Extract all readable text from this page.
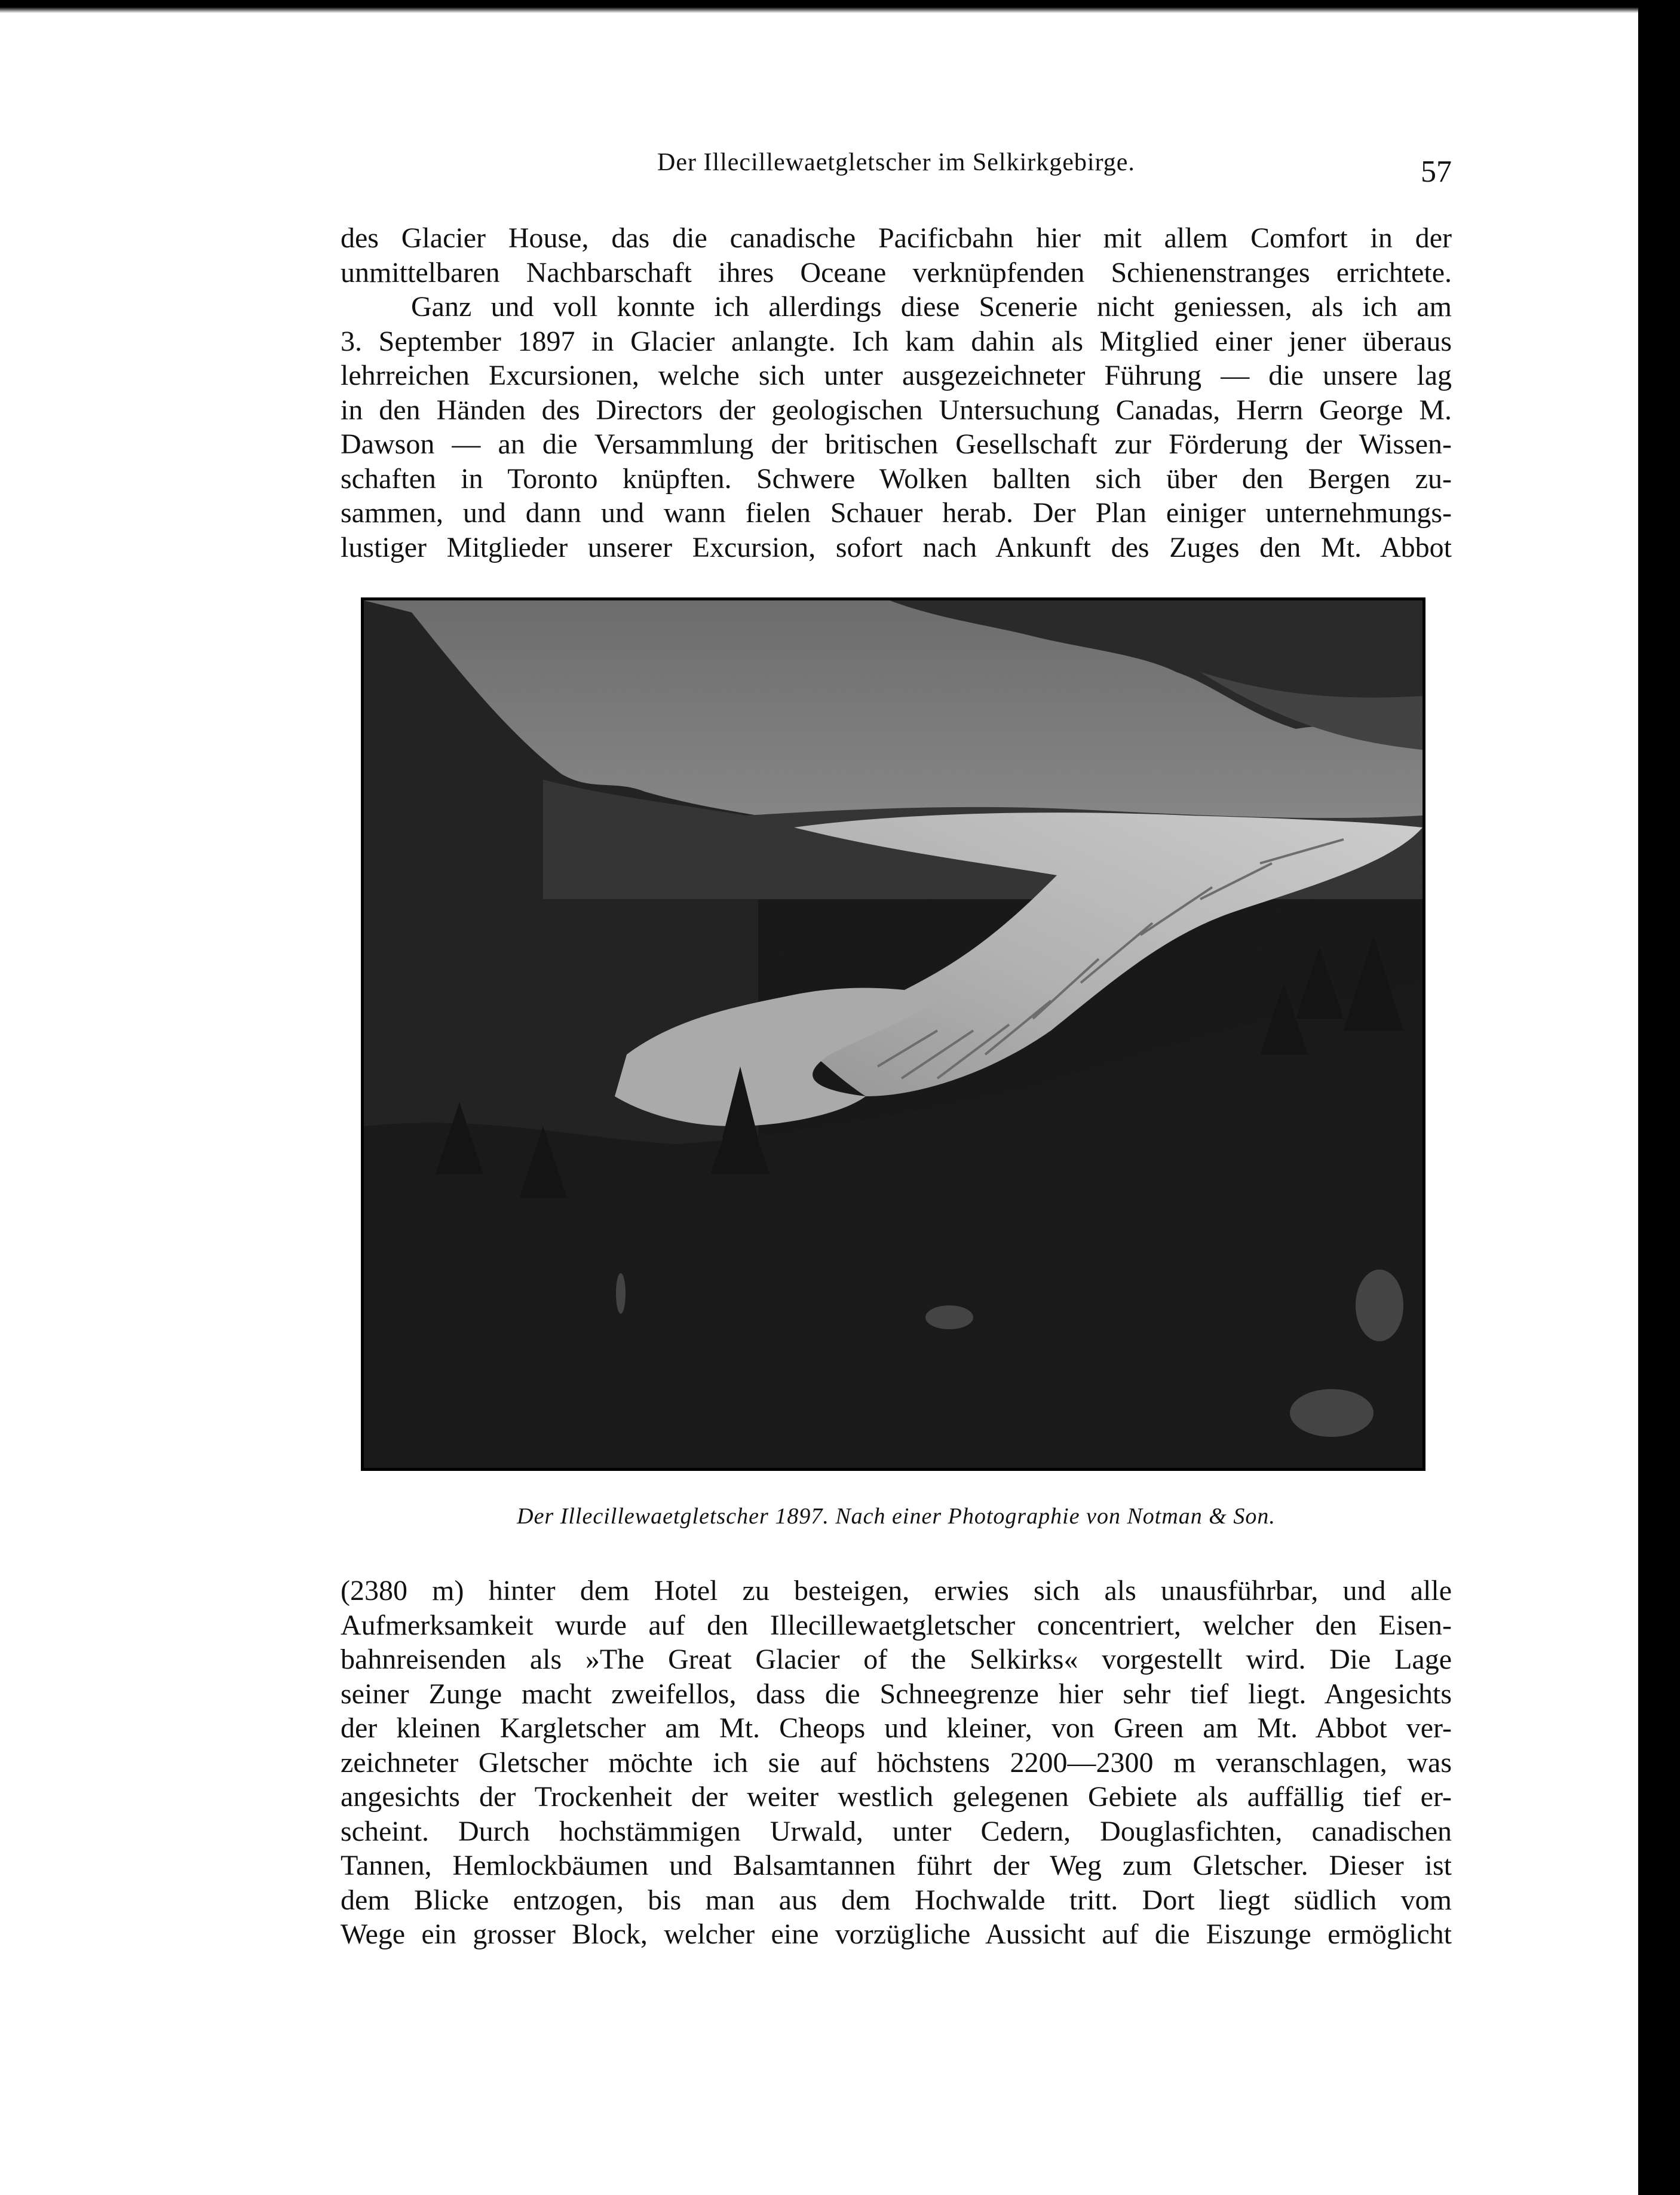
Der Illecillewaetgletscher im Selkirkgebirge.	57
des Glacier House, das die canadische Pacificbahn hier mit allem Comfort in der
unmittelbaren Nachbarschaft ihres Oceane verknüpfenden Schienenstranges errichtete.
Ganz und voll konnte ich allerdings diese Scenerie nicht geniessen, als ich am
3. September 1897 in Glacier anlangte. Ich kam dahin als Mitglied einer jener überaus
lehrreichen Excursionen, welche sich unter ausgezeichneter Führung — die unsere lag
in den Händen des Directors der geologischen Untersuchung Canadas, Herrn George M.
Dawson — an die Versammlung der britischen Gesellschaft zur Förderung der Wissen-
schaften in Toronto knüpften. Schwere Wolken ballten sich über den Bergen zu-
sammen, und dann und wann fielen Schauer herab. Der Plan einiger unternehmungs-
lustiger Mitglieder unserer Excursion, sofort nach Ankunft des Zuges den Mt. Abbot
Der Illecillewaetgletscher 1897. Nach einer Photographie von Notman & Son.
(2380 m) hinter dem Hotel zu besteigen, erwies sich als unausführbar, und alle
Aufmerksamkeit wurde auf den Illecillewaetgletscher concentriert, welcher den Eisen-
bahnreisenden als »The Great Glacier of the Selkirks« vorgestellt wird. Die Lage
seiner Zunge macht zweifellos, dass die Schneegrenze hier sehr tief liegt. Angesichts
der kleinen Kargletscher am Mt. Cheops und kleiner, von Green am Mt. Abbot ver-
zeichneter Gletscher möchte ich sie auf höchstens 2200—2300 m veranschlagen, was
angesichts der Trockenheit der weiter westlich gelegenen Gebiete als auffällig tief er-
scheint. Durch hochstämmigen Urwald, unter Cedern, Douglasfichten, canadischen
Tannen, Hemlockbäumen und Balsamtannen führt der Weg zum Gletscher. Dieser ist
dem Blicke entzogen, bis man aus dem Hochwalde tritt. Dort liegt südlich vom
Wege ein grosser Block, welcher eine vorzügliche Aussicht auf die Eiszunge ermöglicht
